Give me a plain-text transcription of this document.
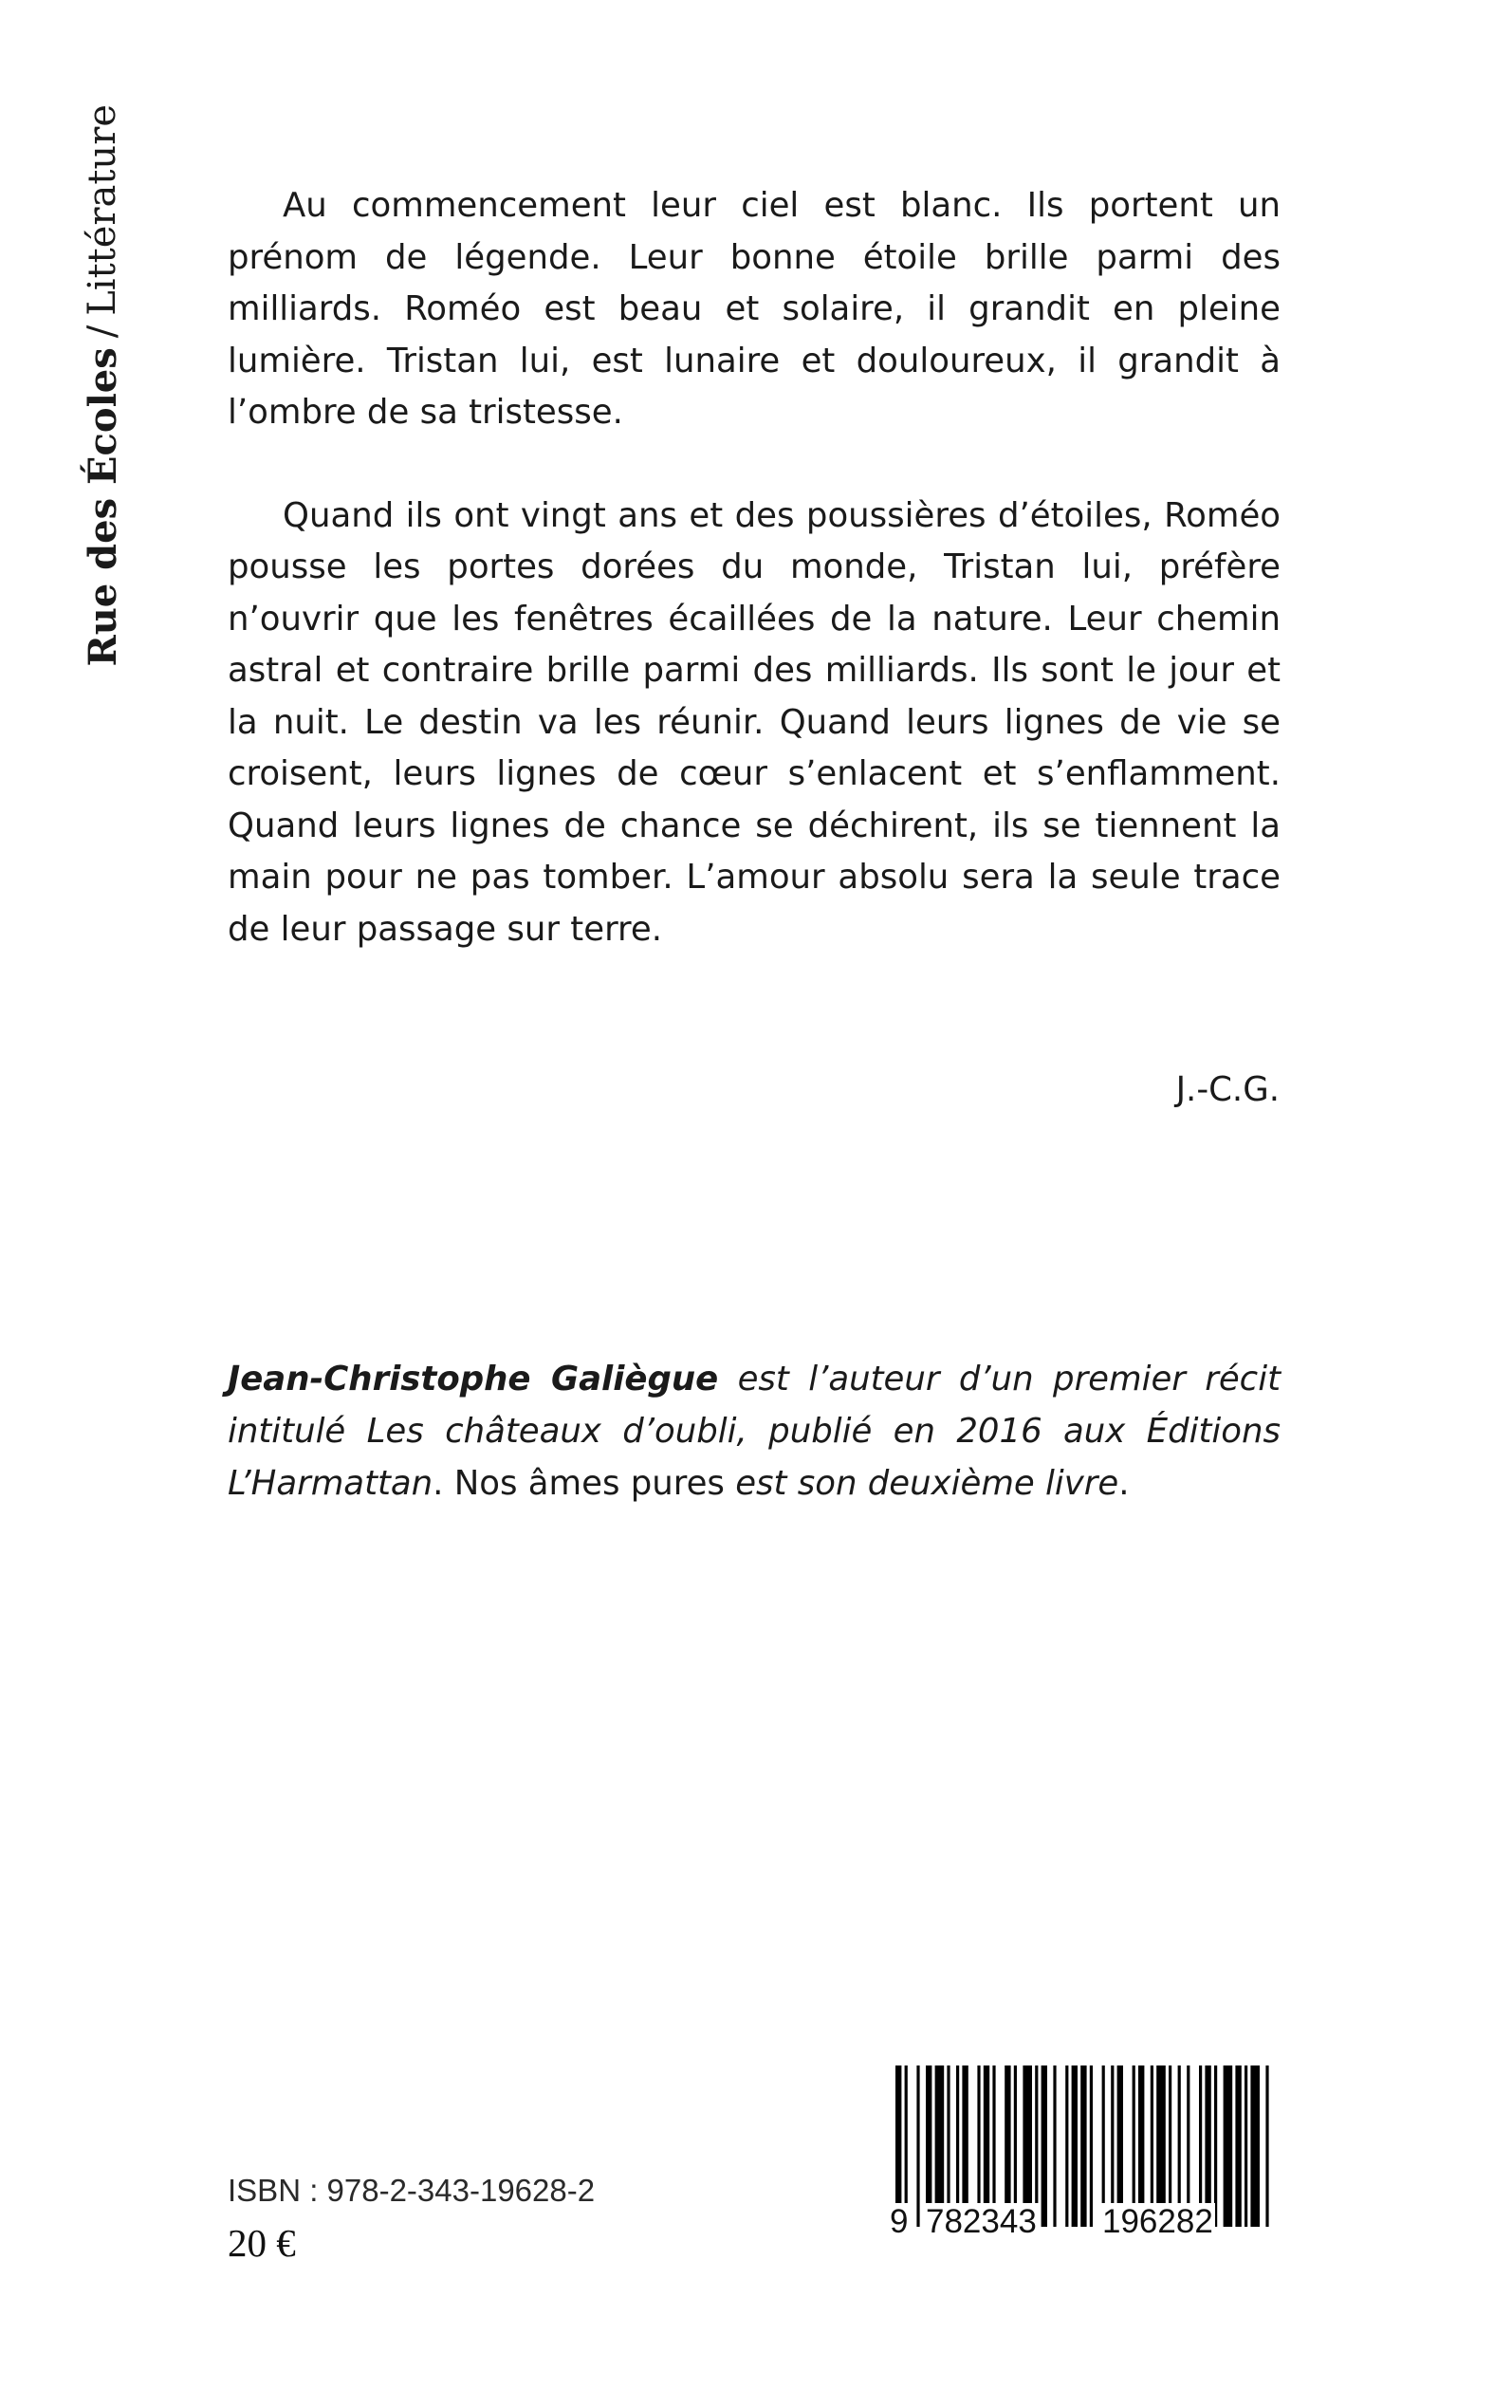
Rue des Écoles
/
Littérature	Au commencement leur ciel est blanc. Ils portent un prénom de légende. Leur bonne étoile brille parmi des milliards. Roméo est beau et solaire, il grandit en pleine lumière. Tristan lui, est lunaire et douloureux, il grandit à l’ombre de sa tristesse.

Quand ils ont vingt ans et des poussières d’étoiles, Roméo pousse les portes dorées du monde, Tristan lui, préfère n’ouvrir que les fenêtres écaillées de la nature. Leur chemin astral et contraire brille parmi des milliards. Ils sont le jour et la nuit. Le destin va les réunir. Quand leurs lignes de vie se croisent, leurs lignes de cœur s’enlacent et s’enflamment. Quand leurs lignes de chance se déchirent, ils se tiennent la main pour ne pas tomber. L’amour absolu sera la seule trace de leur passage sur terre.

J.-C.G.

Jean-Christophe Galiègue est l’auteur d’un premier récit intitulé Les châteaux d’oubli, publié en 2016 aux Éditions L’Harmattan. Nos âmes pures est son deuxième livre.

ISBN : 978-2-343-19628-2
20 €	9 782343 196282
